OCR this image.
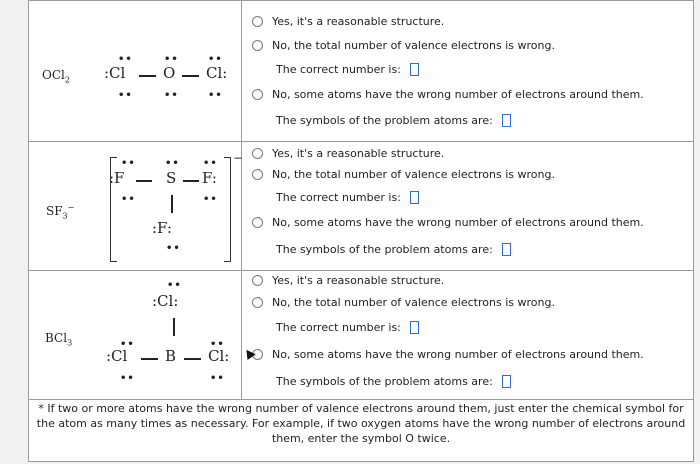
OCl$_2$
••
••
:Cl
••
••
O
••
••
Cl:
Yes, it's a reasonable structure.
No, the total number of valence electrons is wrong.
The correct number is:
No, some atoms have the wrong number of electrons around them.
The symbols of the problem atoms are:
$SF_3^-$
−
••
••
:F
••
S
••
••
F:
:F:
••
Yes, it's a reasonable structure.
No, the total number of valence electrons is wrong.
The correct number is:
No, some atoms have the wrong number of electrons around them.
The symbols of the problem atoms are:
BCl$_3$
••
:Cl:
••
••
:Cl	B
••
••
Cl:
Yes, it's a reasonable structure.
No, the total number of valence electrons is wrong.
The correct number is:
No, some atoms have the wrong number of electrons around them.
The symbols of the problem atoms are:
* If two or more atoms have the wrong number of valence electrons around them, just enter the chemical symbol for the atom as many times as necessary. For example, if two oxygen atoms have the wrong number of electrons around them, enter the symbol O twice.
